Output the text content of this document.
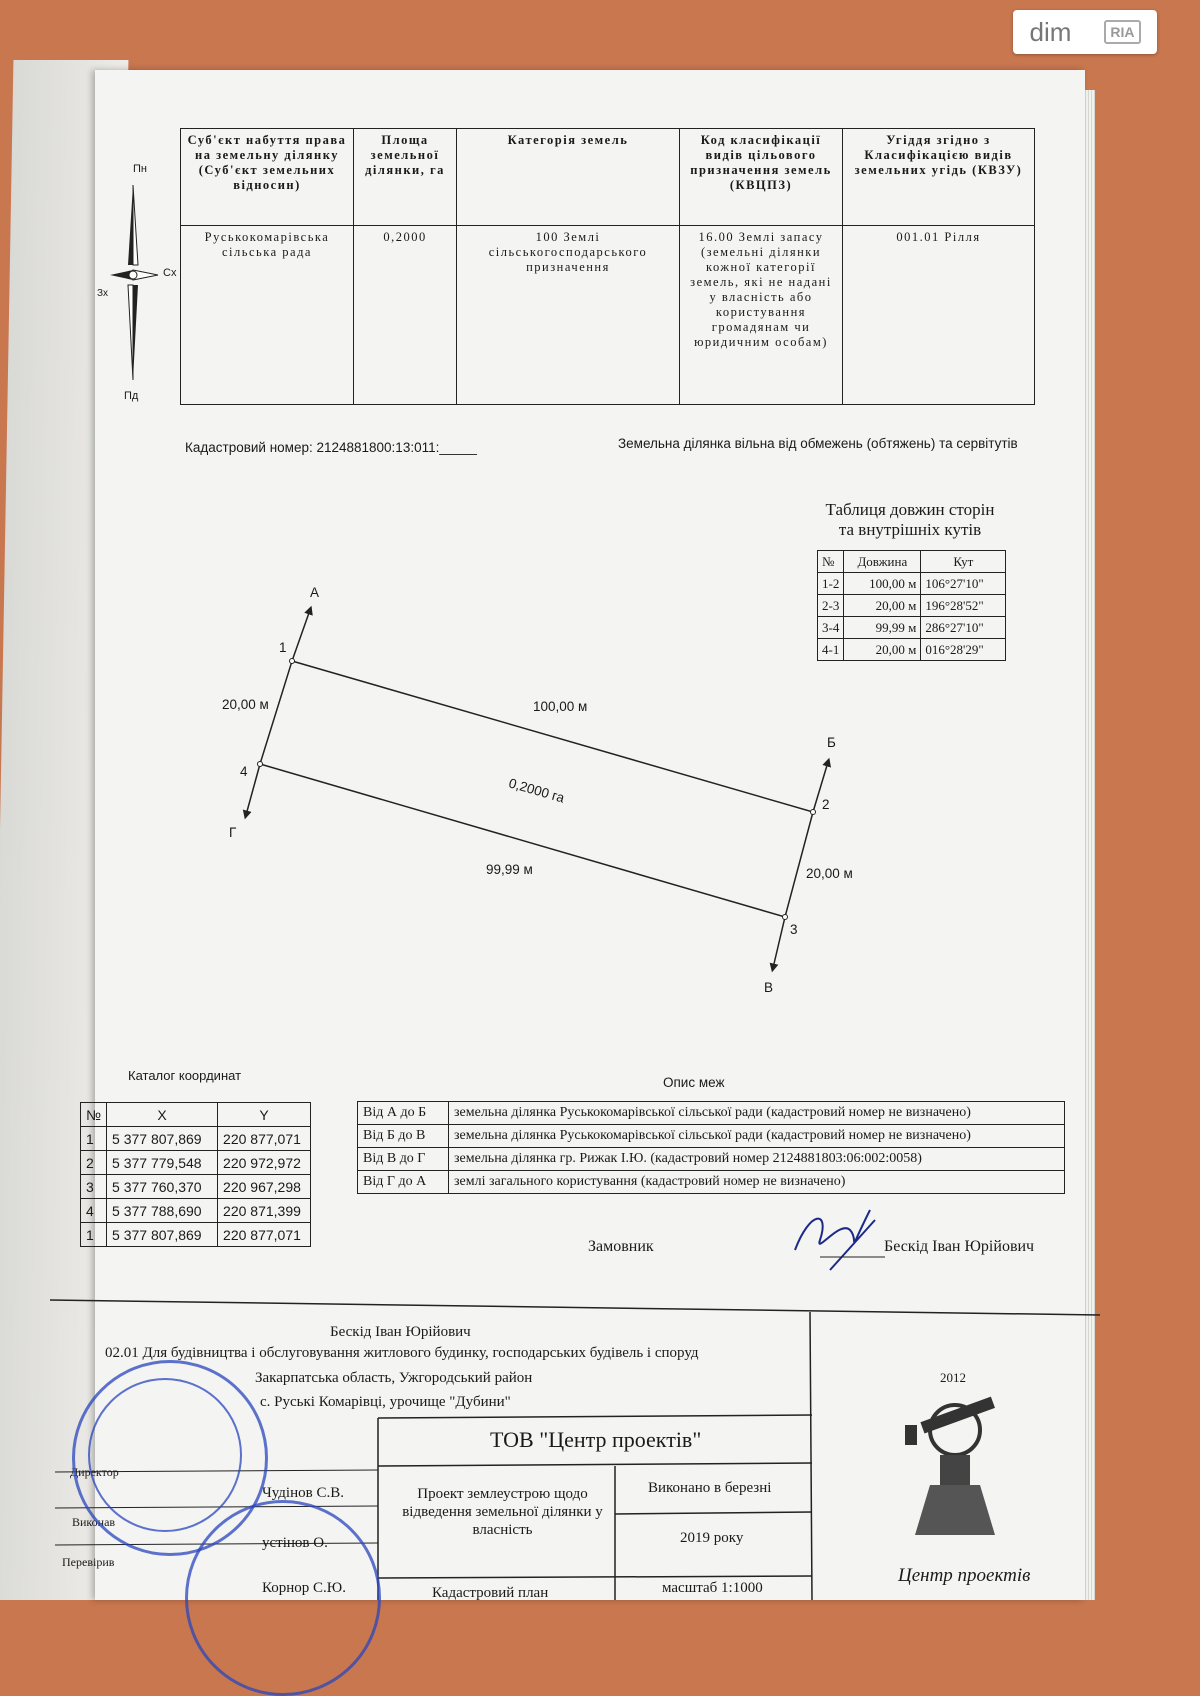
dim	RIA
Пн
Пд
Сх
Зх
Суб'єкт набуття права на земельну ділянку (Суб'єкт земельних відносин)	Площа земельної ділянки, га	Категорія земель	Код класифікації видів цільового призначення земель (КВЦПЗ)	Угіддя згідно з Класифікацією видів земельних угідь (КВЗУ)
Руськокомарівська сільська рада	0,2000	100 Землі сільськогосподарського призначення	16.00 Землі запасу (земельні ділянки кожної категорії земель, які не надані у власність або користування громадянам чи юридичним особам)	001.01 Рілля
Кадастровий номер: 2124881800:13:011:_____	Земельна ділянка вільна від обмежень (обтяжень) та сервітутів
Таблиця довжин сторін
та внутрішніх кутів
№	Довжина	Кут
1-2	100,00 м	106°27'10"
2-3	20,00 м	196°28'52"
3-4	99,99 м	286°27'10"
4-1	20,00 м	016°28'29"
1
2
3
4
А
Б
В
Г
100,00 м
20,00 м
99,99 м
20,00 м
0,2000 га
Каталог координат
№	X	Y
1	5 377 807,869	220 877,071
2	5 377 779,548	220 972,972
3	5 377 760,370	220 967,298
4	5 377 788,690	220 871,399
1	5 377 807,869	220 877,071
Опис меж
Від А до Б	земельна ділянка Руськокомарівської сільської ради (кадастровий номер не визначено)
Від Б до В	земельна ділянка Руськокомарівської сільської ради (кадастровий номер не визначено)
Від В до Г	земельна ділянка гр. Рижак І.Ю. (кадастровий номер 2124881803:06:002:0058)
Від Г до А	землі загального користування (кадастровий номер не визначено)
Замовник	Бескід Іван Юрійович
Бескід Іван Юрійович
02.01 Для будівництва і обслуговування житлового будинку, господарських будівель і споруд
Закарпатська область, Ужгородський район
с. Руські Комарівці, урочище "Дубини"
ТОВ "Центр проектів"
Проект землеустрою щодо відведення земельної ділянки у власність
Виконано в березні
2019 року
Кадастровий план	масштаб 1:1000
Директор
Виконав
Перевірив
Чудінов С.В.
устінов О.
Корнор С.Ю.
2012
Центр проектів
